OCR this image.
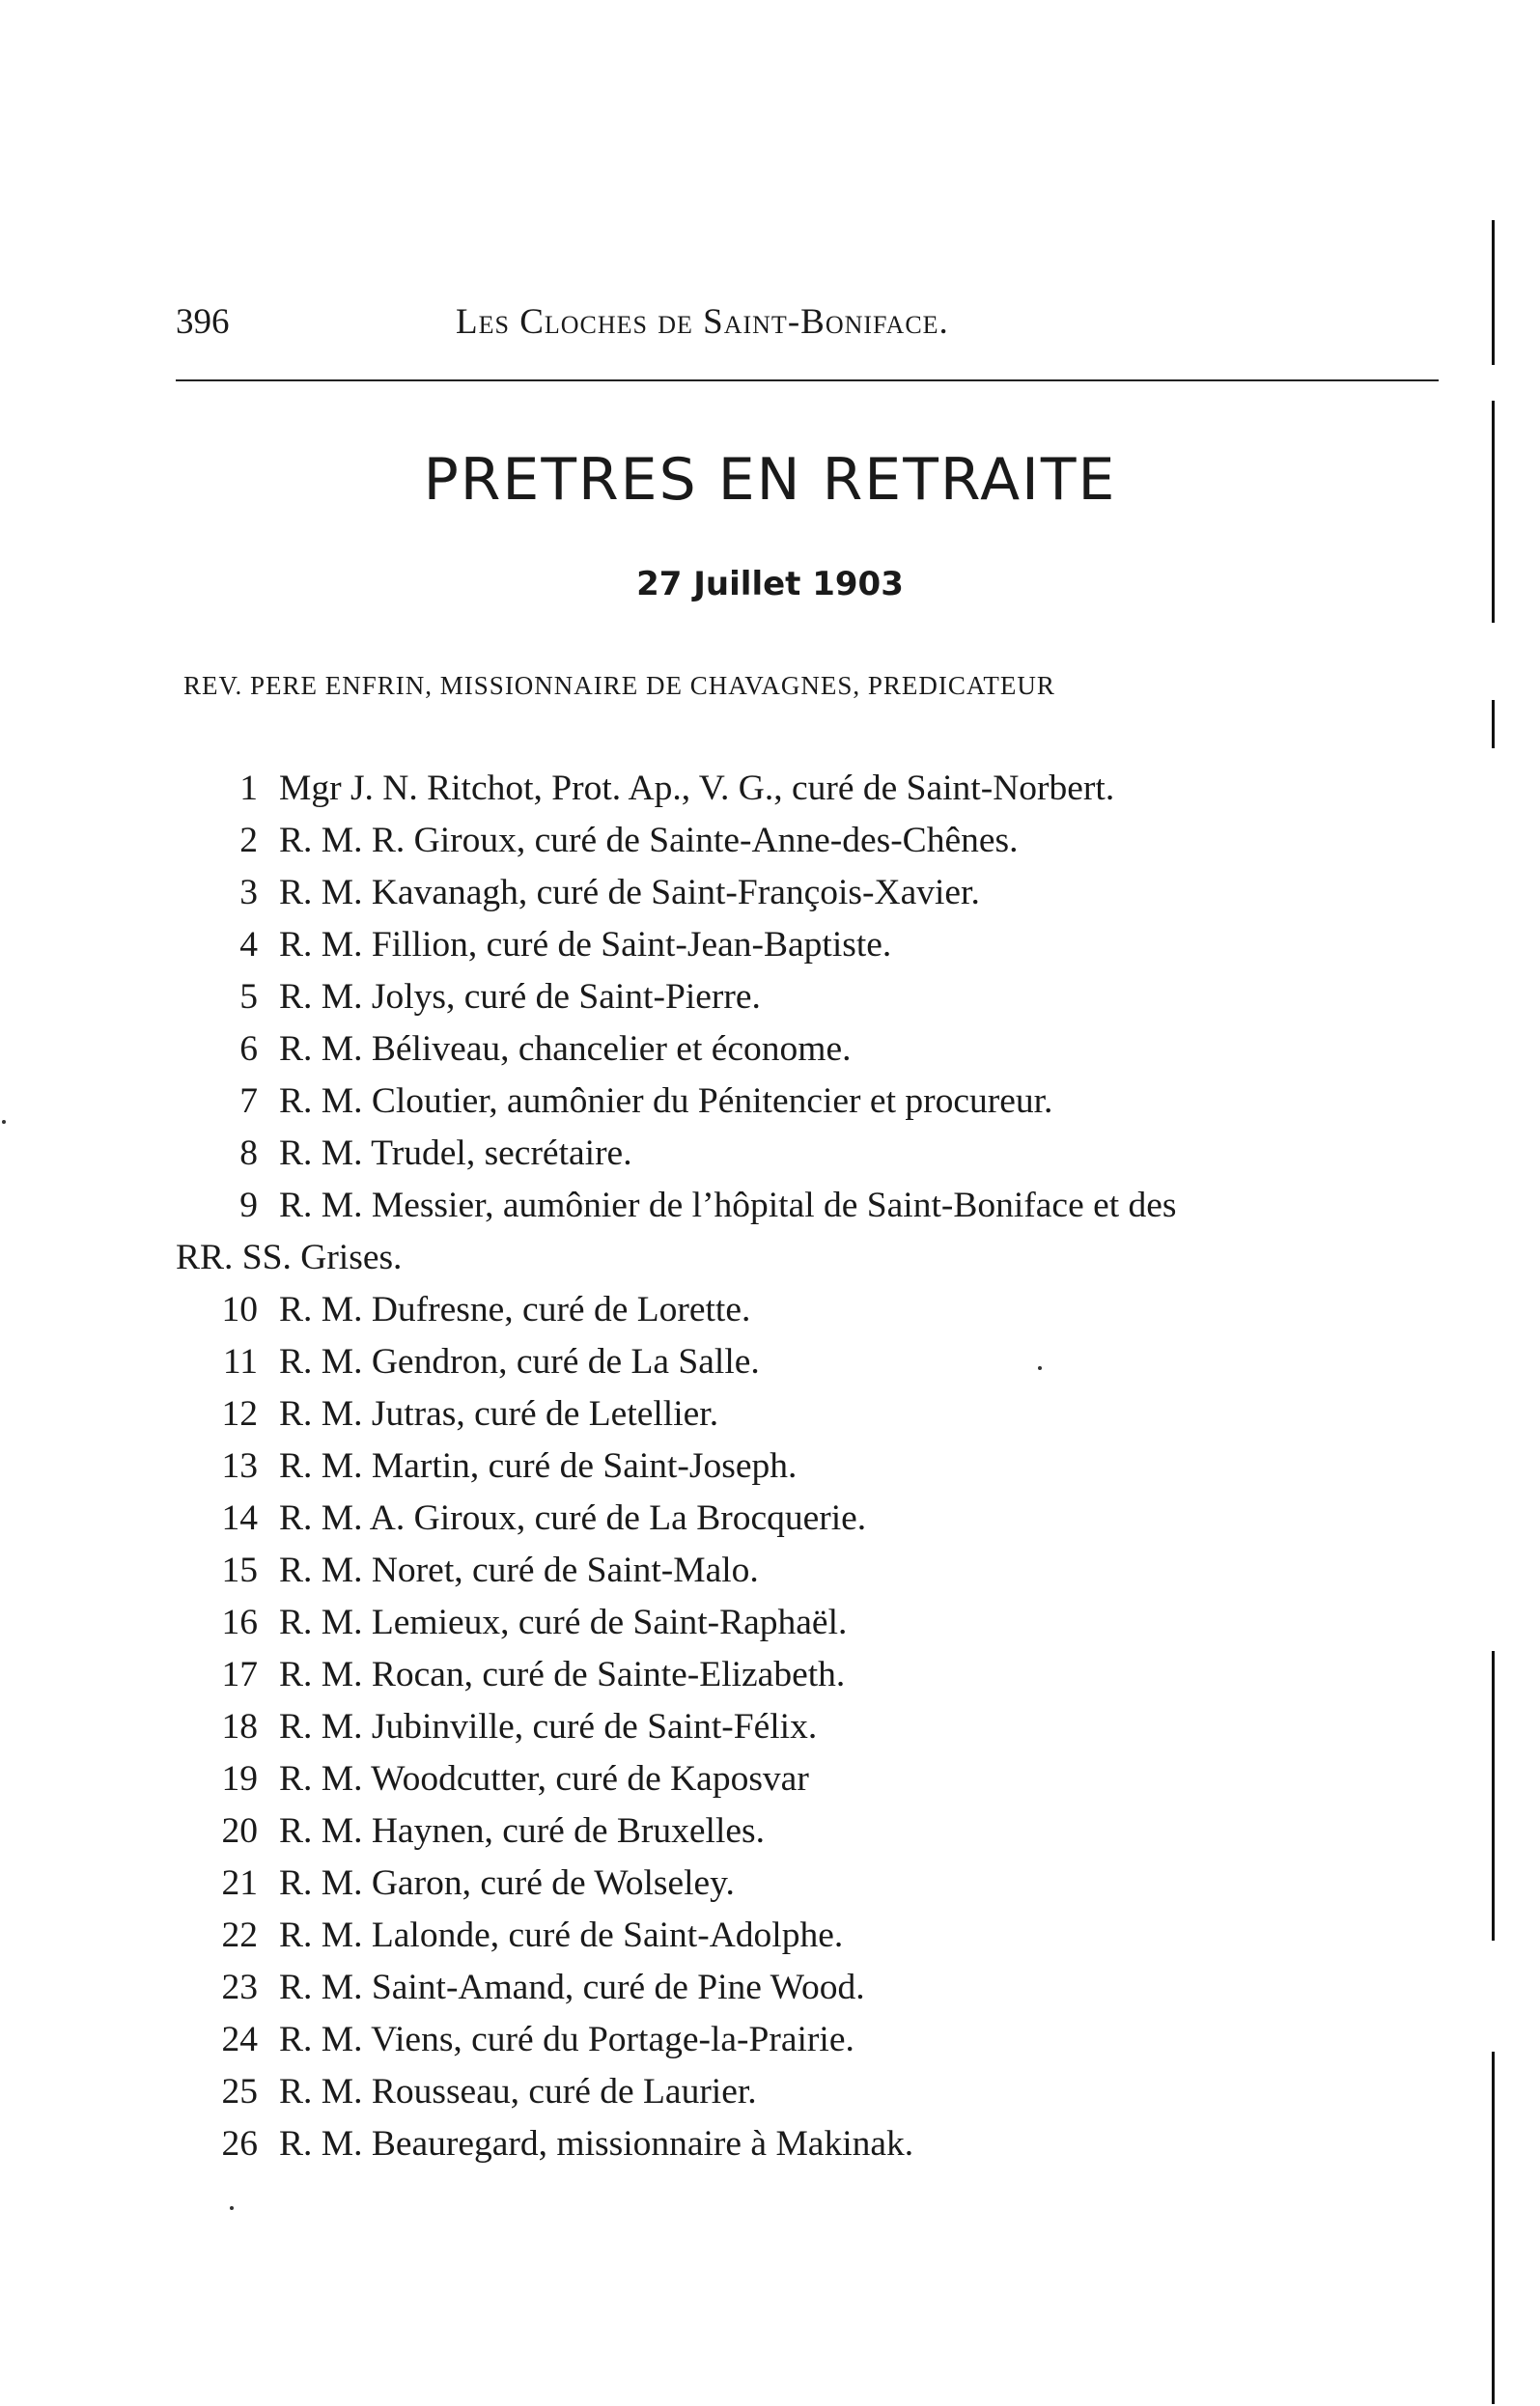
396	Les Cloches de Saint-Boniface.
PRETRES EN RETRAITE
27 Juillet 1903
REV. PERE ENFRIN, MISSIONNAIRE DE CHAVAGNES, PREDICATEUR
1 Mgr J. N. Ritchot, Prot. Ap., V. G., curé de Saint-Norbert.
2 R. M. R. Giroux, curé de Sainte-Anne-des-Chênes.
3 R. M. Kavanagh, curé de Saint-François-Xavier.
4 R. M. Fillion, curé de Saint-Jean-Baptiste.
5 R. M. Jolys, curé de Saint-Pierre.
6 R. M. Béliveau, chancelier et économe.
7 R. M. Cloutier, aumônier du Pénitencier et procureur.
8 R. M. Trudel, secrétaire.
9 R. M. Messier, aumônier de l’hôpital de Saint-Boniface et des
RR. SS. Grises.
10 R. M. Dufresne, curé de Lorette.
11 R. M. Gendron, curé de La Salle.
12 R. M. Jutras, curé de Letellier.
13 R. M. Martin, curé de Saint-Joseph.
14 R. M. A. Giroux, curé de La Brocquerie.
15 R. M. Noret, curé de Saint-Malo.
16 R. M. Lemieux, curé de Saint-Raphaël.
17 R. M. Rocan, curé de Sainte-Elizabeth.
18 R. M. Jubinville, curé de Saint-Félix.
19 R. M. Woodcutter, curé de Kaposvar
20 R. M. Haynen, curé de Bruxelles.
21 R. M. Garon, curé de Wolseley.
22 R. M. Lalonde, curé de Saint-Adolphe.
23 R. M. Saint-Amand, curé de Pine Wood.
24 R. M. Viens, curé du Portage-la-Prairie.
25 R. M. Rousseau, curé de Laurier.
26 R. M. Beauregard, missionnaire à Makinak.
